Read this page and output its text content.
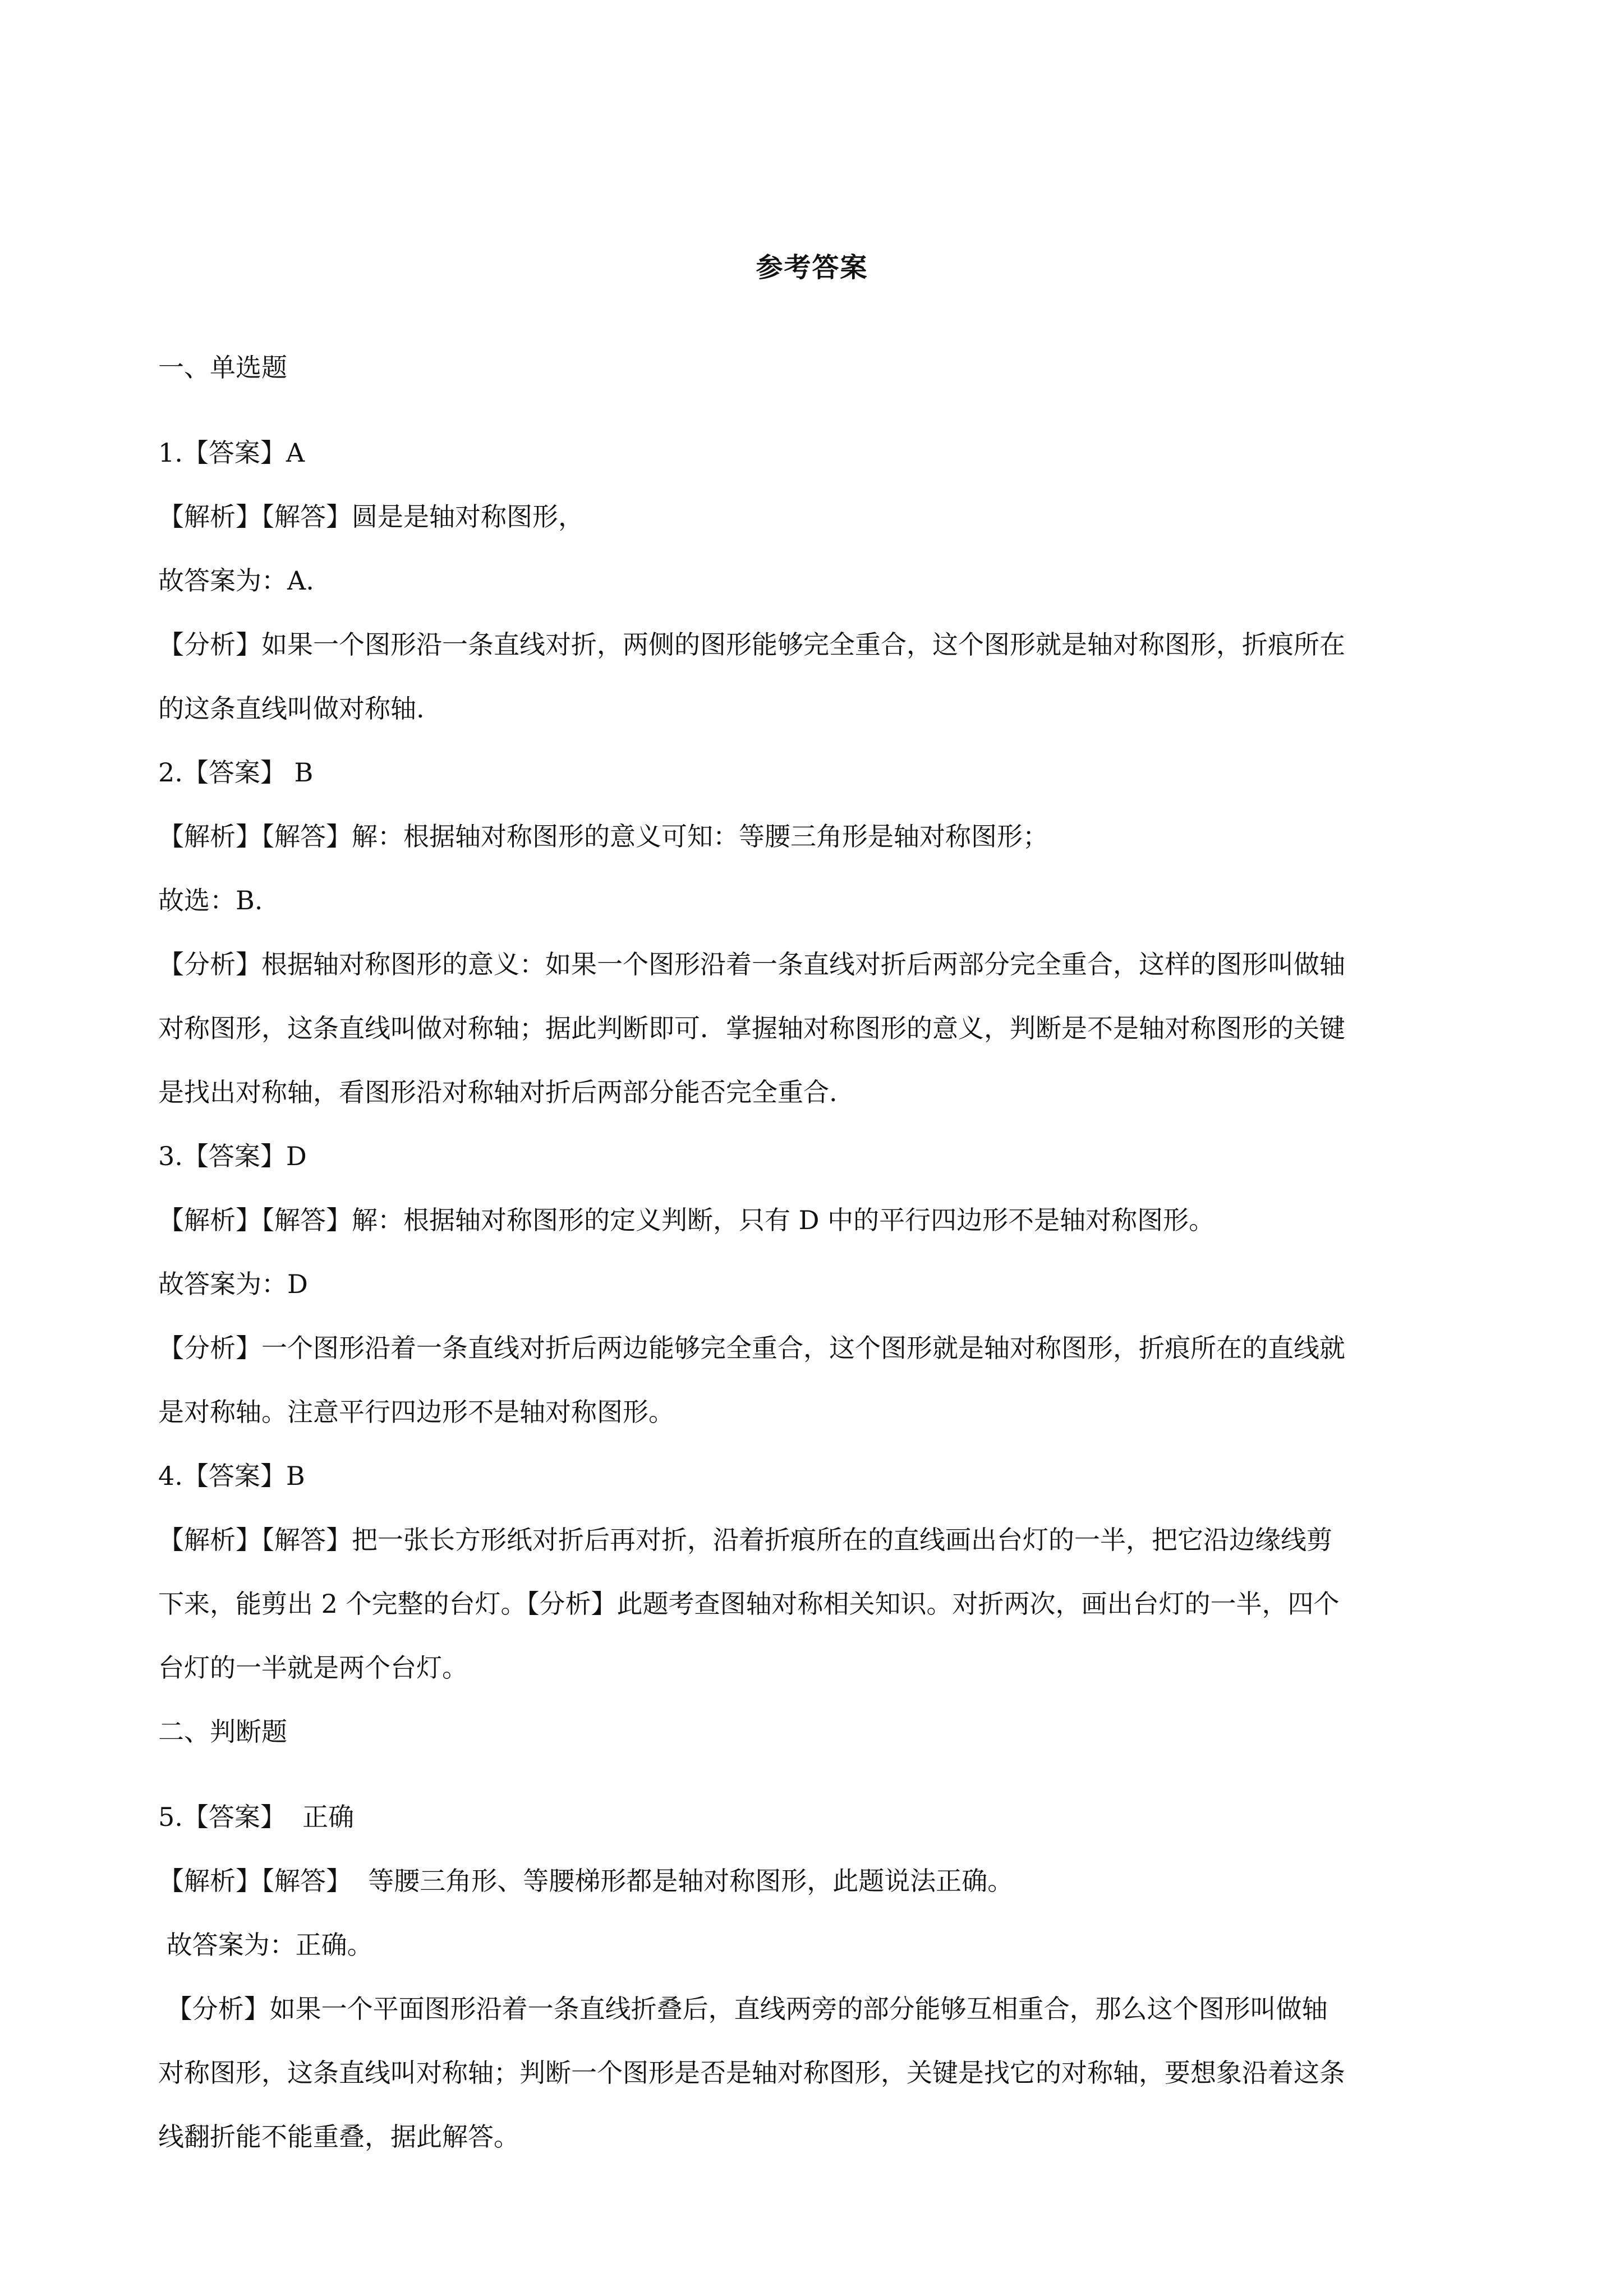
参考答案
一、单选题
1.【答案】A
【解析】【解答】圆是是轴对称图形，
故答案为：A.
【分析】如果一个图形沿一条直线对折，两侧的图形能够完全重合，这个图形就是轴对称图形，折痕所在
的这条直线叫做对称轴.
2.【答案】 B
【解析】【解答】解：根据轴对称图形的意义可知：等腰三角形是轴对称图形；
故选：B.
【分析】根据轴对称图形的意义：如果一个图形沿着一条直线对折后两部分完全重合，这样的图形叫做轴
对称图形，这条直线叫做对称轴；据此判断即可．掌握轴对称图形的意义，判断是不是轴对称图形的关键
是找出对称轴，看图形沿对称轴对折后两部分能否完全重合.
3.【答案】D
【解析】【解答】解：根据轴对称图形的定义判断，只有 D 中的平行四边形不是轴对称图形。
故答案为：D
【分析】一个图形沿着一条直线对折后两边能够完全重合，这个图形就是轴对称图形，折痕所在的直线就
是对称轴。注意平行四边形不是轴对称图形。
4.【答案】B
【解析】【解答】把一张长方形纸对折后再对折，沿着折痕所在的直线画出台灯的一半，把它沿边缘线剪
下来，能剪出 2 个完整的台灯。【分析】此题考查图轴对称相关知识。对折两次，画出台灯的一半，四个
台灯的一半就是两个台灯。
二、判断题
5.【答案】  正确
【解析】【解答】  等腰三角形、等腰梯形都是轴对称图形，此题说法正确。
故答案为：正确。
【分析】如果一个平面图形沿着一条直线折叠后，直线两旁的部分能够互相重合，那么这个图形叫做轴
对称图形，这条直线叫对称轴；判断一个图形是否是轴对称图形，关键是找它的对称轴，要想象沿着这条
线翻折能不能重叠，据此解答。
